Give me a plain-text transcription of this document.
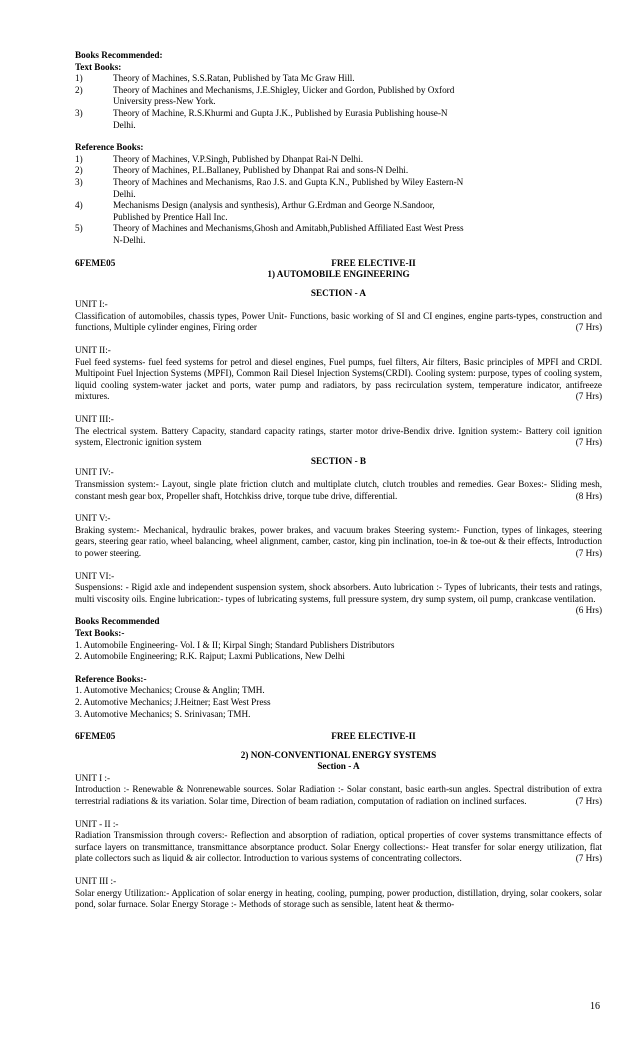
Books Recommended:
Text Books:
1)	Theory of Machines, S.S.Ratan, Published by Tata Mc Graw Hill.
2)	Theory of Machines and Mechanisms, J.E.Shigley, Uicker and Gordon, Published by Oxford
University press-New York.
3)	Theory of Machine, R.S.Khurmi and Gupta J.K., Published by Eurasia Publishing house-N
Delhi.
Reference Books:
1)	Theory of Machines, V.P.Singh, Published by Dhanpat Rai-N Delhi.
2)	Theory of Machines, P.L.Ballaney, Published by Dhanpat Rai and sons-N Delhi.
3)	Theory of Machines and Mechanisms, Rao J.S. and Gupta K.N., Published by Wiley Eastern-N
Delhi.
4)	Mechanisms Design (analysis and synthesis), Arthur G.Erdman and George N.Sandoor,
Published by Prentice Hall Inc.
5)	Theory of Machines and Mechanisms,Ghosh and Amitabh,Published Affiliated East West Press
N-Delhi.
6FEME05	FREE ELECTIVE-II
1) AUTOMOBILE ENGINEERING
SECTION - A
UNIT I:-
Classification of automobiles, chassis types, Power Unit- Functions, basic working of SI and CI engines, engine parts-types, construction and functions, Multiple cylinder engines, Firing order	(7 Hrs)
UNIT II:-
Fuel feed systems- fuel feed systems for petrol and diesel engines, Fuel pumps, fuel filters, Air filters, Basic principles of MPFI and CRDI. Multipoint Fuel Injection Systems (MPFI), Common Rail Diesel Injection Systems(CRDI). Cooling system: purpose, types of cooling system, liquid cooling system-water jacket and ports, water pump and radiators, by pass recirculation system, temperature indicator, antifreeze mixtures.	(7 Hrs)
UNIT III:-
The electrical system. Battery Capacity, standard capacity ratings, starter motor drive-Bendix drive. Ignition system:- Battery coil ignition system, Electronic ignition system	(7 Hrs)
SECTION - B
UNIT IV:-
Transmission system:- Layout, single plate friction clutch and multiplate clutch, clutch troubles and remedies. Gear Boxes:- Sliding mesh, constant mesh gear box, Propeller shaft, Hotchkiss drive, torque tube drive, differential.	(8 Hrs)
UNIT V:-
Braking system:- Mechanical, hydraulic brakes, power brakes, and vacuum brakes Steering system:- Function, types of linkages, steering gears, steering gear ratio, wheel balancing, wheel alignment, camber, castor, king pin inclination, toe-in & toe-out & their effects, Introduction to power steering.	(7 Hrs)
UNIT VI:-
Suspensions: - Rigid axle and independent suspension system, shock absorbers. Auto lubrication :- Types of lubricants, their tests and ratings, multi viscosity oils. Engine lubrication:- types of lubricating systems, full pressure system, dry sump system, oil pump, crankcase ventilation.
(6 Hrs)
Books Recommended
Text Books:-
1. Automobile Engineering- Vol. I & II; Kirpal Singh; Standard Publishers Distributors
2. Automobile Engineering; R.K. Rajput; Laxmi Publications, New Delhi
Reference Books:-
1. Automotive Mechanics; Crouse & Anglin; TMH.
2. Automotive Mechanics; J.Heitner; East West Press
3. Automotive Mechanics; S. Srinivasan; TMH.
6FEME05	FREE ELECTIVE-II
2) NON-CONVENTIONAL ENERGY SYSTEMS
Section - A
UNIT I :-
Introduction :- Renewable & Nonrenewable sources. Solar Radiation :- Solar constant, basic earth-sun angles. Spectral distribution of extra terrestrial radiations & its variation. Solar time, Direction of beam radiation, computation of radiation on inclined surfaces.	(7 Hrs)
UNIT - II :-
Radiation Transmission through covers:- Reflection and absorption of radiation, optical properties of cover systems transmittance effects of surface layers on transmittance, transmittance absorptance product. Solar Energy collections:- Heat transfer for solar energy utilization, flat plate collectors such as liquid & air collector. Introduction to various systems of concentrating collectors.	(7 Hrs)
UNIT III :-
Solar energy Utilization:- Application of solar energy in heating, cooling, pumping, power production, distillation, drying, solar cookers, solar pond, solar furnace. Solar Energy Storage :- Methods of storage such as sensible, latent heat & thermo-
16
